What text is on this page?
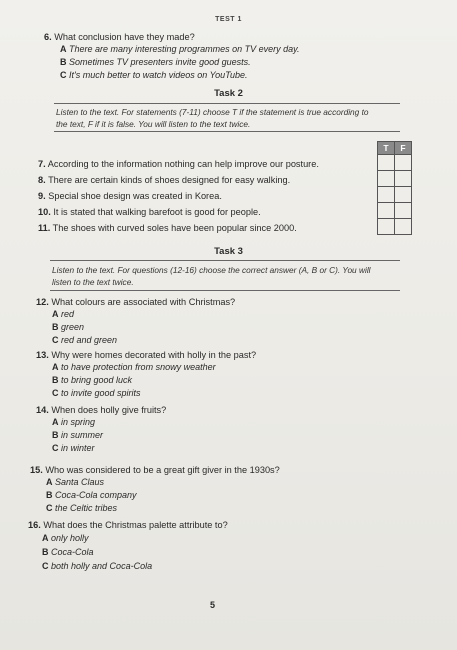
TEST 1
6. What conclusion have they made?
A There are many interesting programmes on TV every day.
B Sometimes TV presenters invite good guests.
C It's much better to watch videos on YouTube.
Task 2
Listen to the text. For statements (7-11) choose T if the statement is true according to
the text, F if it is false. You will listen to the text twice.
7. According to the information nothing can help improve our posture.
8. There are certain kinds of shoes designed for easy walking.
9. Special shoe design was created in Korea.
10. It is stated that walking barefoot is good for people.
11. The shoes with curved soles have been popular since 2000.
T	F

Task 3
Listen to the text. For questions (12-16) choose the correct answer (A, B or C). You will
listen to the text twice.
12. What colours are associated with Christmas?
A red
B green
C red and green
13. Why were homes decorated with holly in the past?
A to have protection from snowy weather
B to bring good luck
C to invite good spirits
14. When does holly give fruits?
A in spring
B in summer
C in winter
15. Who was considered to be a great gift giver in the 1930s?
A Santa Claus
B Coca-Cola company
C the Celtic tribes
16. What does the Christmas palette attribute to?
A only holly
B Coca-Cola
C both holly and Coca-Cola
5
